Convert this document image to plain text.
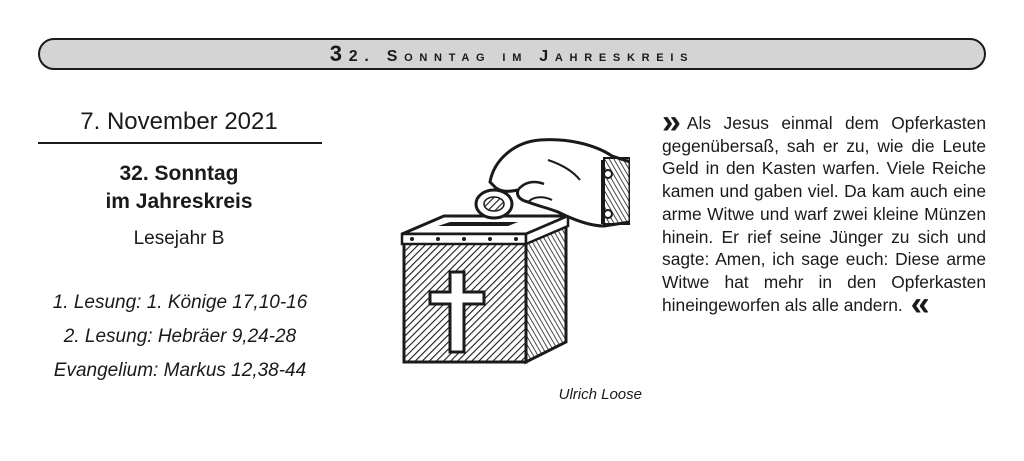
32. Sonntag im Jahreskreis
7. November 2021
32. Sonntag
im Jahreskreis
Lesejahr B
1. Lesung: 1. Könige 17,10-16
2. Lesung: Hebräer 9,24-28
Evangelium: Markus 12,38-44
Ulrich Loose
» Als Jesus einmal dem Opferkasten gegenübersaß, sah er zu, wie die Leute Geld in den Kasten warfen. Viele Reiche kamen und gaben viel. Da kam auch eine arme Witwe und warf zwei kleine Münzen hinein. Er rief seine Jünger zu sich und sagte: Amen, ich sage euch: Diese arme Witwe hat mehr in den Opferkasten hineingeworfen als alle andern. «
